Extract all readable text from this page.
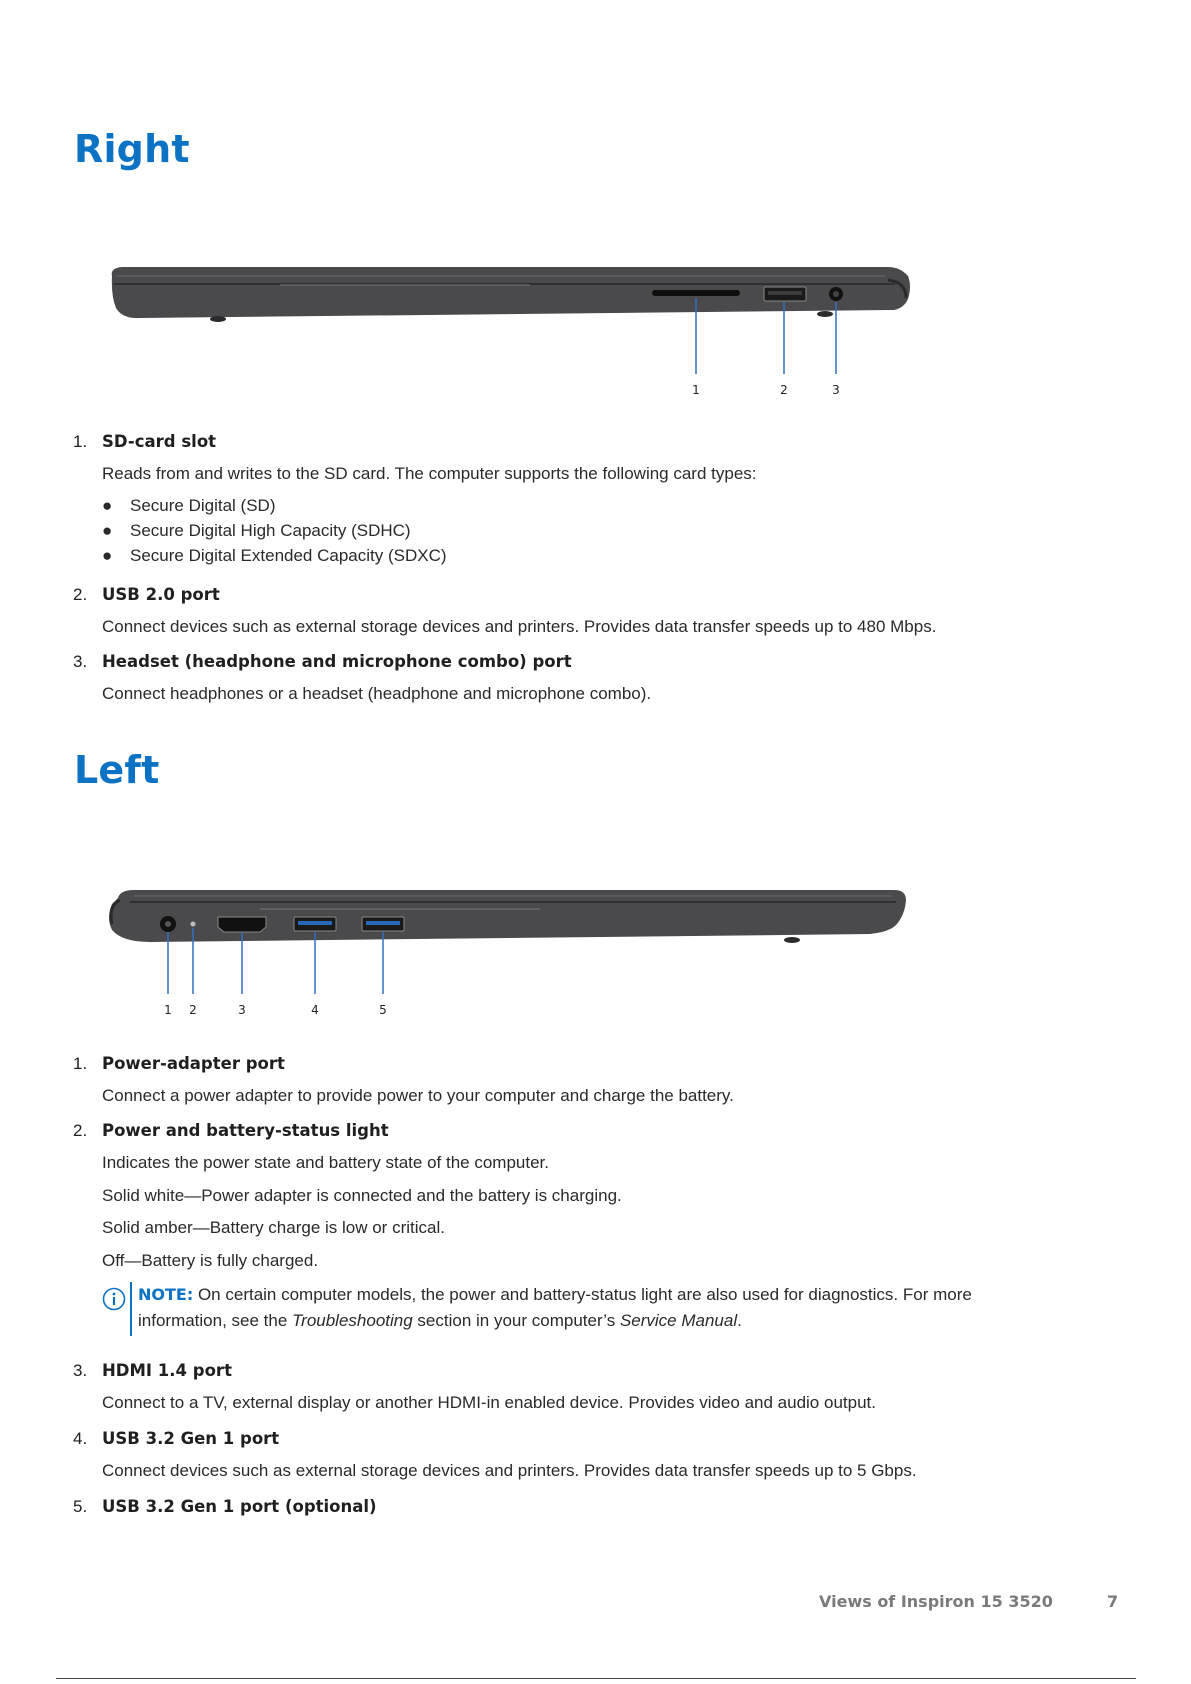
Right
1	2	3
1. SD-card slot

Reads from and writes to the SD card. The computer supports the following card types:

● Secure Digital (SD)
● Secure Digital High Capacity (SDHC)
● Secure Digital Extended Capacity (SDXC)
2. USB 2.0 port

Connect devices such as external storage devices and printers. Provides data transfer speeds up to 480 Mbps.

3. Headset (headphone and microphone combo) port

Connect headphones or a headset (headphone and microphone combo).

Left
1 2	3	4	5
1. Power-adapter port

Connect a power adapter to provide power to your computer and charge the battery.

2. Power and battery-status light

Indicates the power state and battery state of the computer.

Solid white—Power adapter is connected and the battery is charging.

Solid amber—Battery charge is low or critical.

Off—Battery is fully charged.

NOTE: On certain computer models, the power and battery-status light are also used for diagnostics. For more information, see the Troubleshooting section in your computer’s Service Manual.
3. HDMI 1.4 port

Connect to a TV, external display or another HDMI-in enabled device. Provides video and audio output.

4. USB 3.2 Gen 1 port

Connect devices such as external storage devices and printers. Provides data transfer speeds up to 5 Gbps.

5. USB 3.2 Gen 1 port (optional)
Views of Inspiron 15 3520	7
